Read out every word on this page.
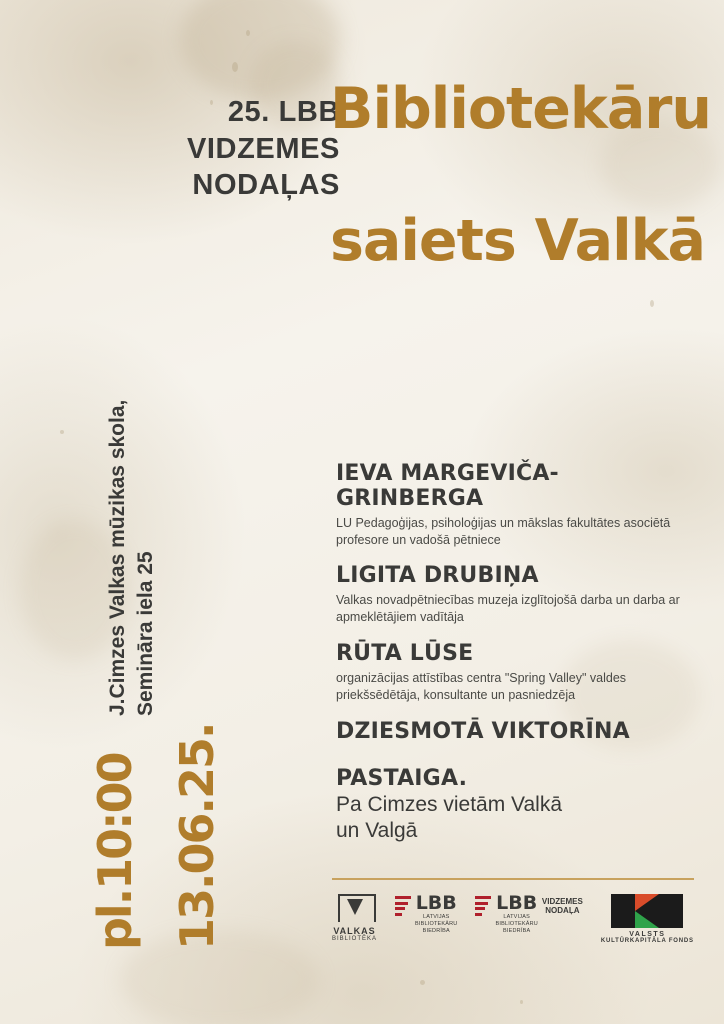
25. LBB
VIDZEMES
NODAĻAS
Bibliotekāru
saiets Valkā
J.Cimzes Valkas mūzikas skola, Semināra iela 25
pl.10:00 13.06.25.
IEVA MARGEVIČA-
GRINBERGA
LU Pedagoģijas, psiholoģijas un mākslas fakultātes asociētā profesore un vadošā pētniece
LIGITA DRUBIŅA
Valkas novadpētniecības muzeja izglītojošā darba un darba ar apmeklētājiem vadītāja
RŪTA LŪSE
organizācijas attīstības centra "Spring Valley" valdes priekšsēdētāja, konsultante un pasniedzēja
DZIESMOTĀ VIKTORĪNA
PASTAIGA.
Pa Cimzes vietām Valkā
un Valgā
VALKAS
BIBLIOTĒKA
LBB
LATVIJAS
BIBLIOTEKĀRU
BIEDRĪBA
LBB
LATVIJAS
BIBLIOTEKĀRU
BIEDRĪBA
VIDZEMES
NODAĻA
VALSTS
KULTŪRKAPITĀLA FONDS
